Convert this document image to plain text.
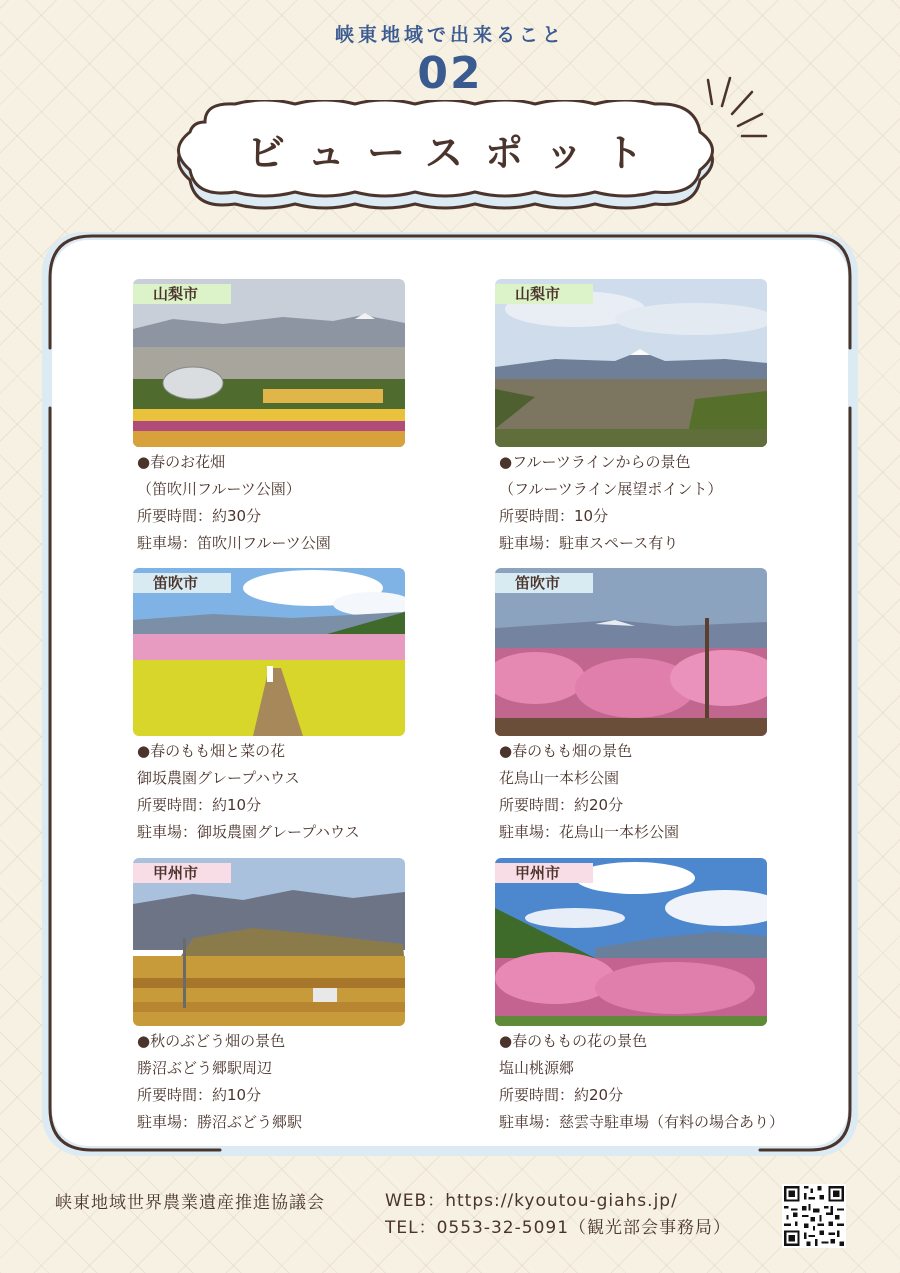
峡東地域で出来ること
02
ビュースポット
山梨市

●春のお花畑

（笛吹川フルーツ公園）

所要時間：約30分

駐車場：笛吹川フルーツ公園

山梨市

●フルーツラインからの景色

（フルーツライン展望ポイント）

所要時間：10分

駐車場：駐車スペース有り

笛吹市

●春のもも畑と菜の花

御坂農園グレープハウス

所要時間：約10分

駐車場：御坂農園グレープハウス

笛吹市

●春のもも畑の景色

花鳥山一本杉公園

所要時間：約20分

駐車場：花鳥山一本杉公園

甲州市

●秋のぶどう畑の景色

勝沼ぶどう郷駅周辺

所要時間：約10分

駐車場：勝沼ぶどう郷駅

甲州市

●春のももの花の景色

塩山桃源郷

所要時間：約20分

駐車場：慈雲寺駐車場（有料の場合あり）

峡東地域世界農業遺産推進協議会	WEB：https://kyoutou-giahs.jp/
TEL：0553-32-5091（観光部会事務局）
